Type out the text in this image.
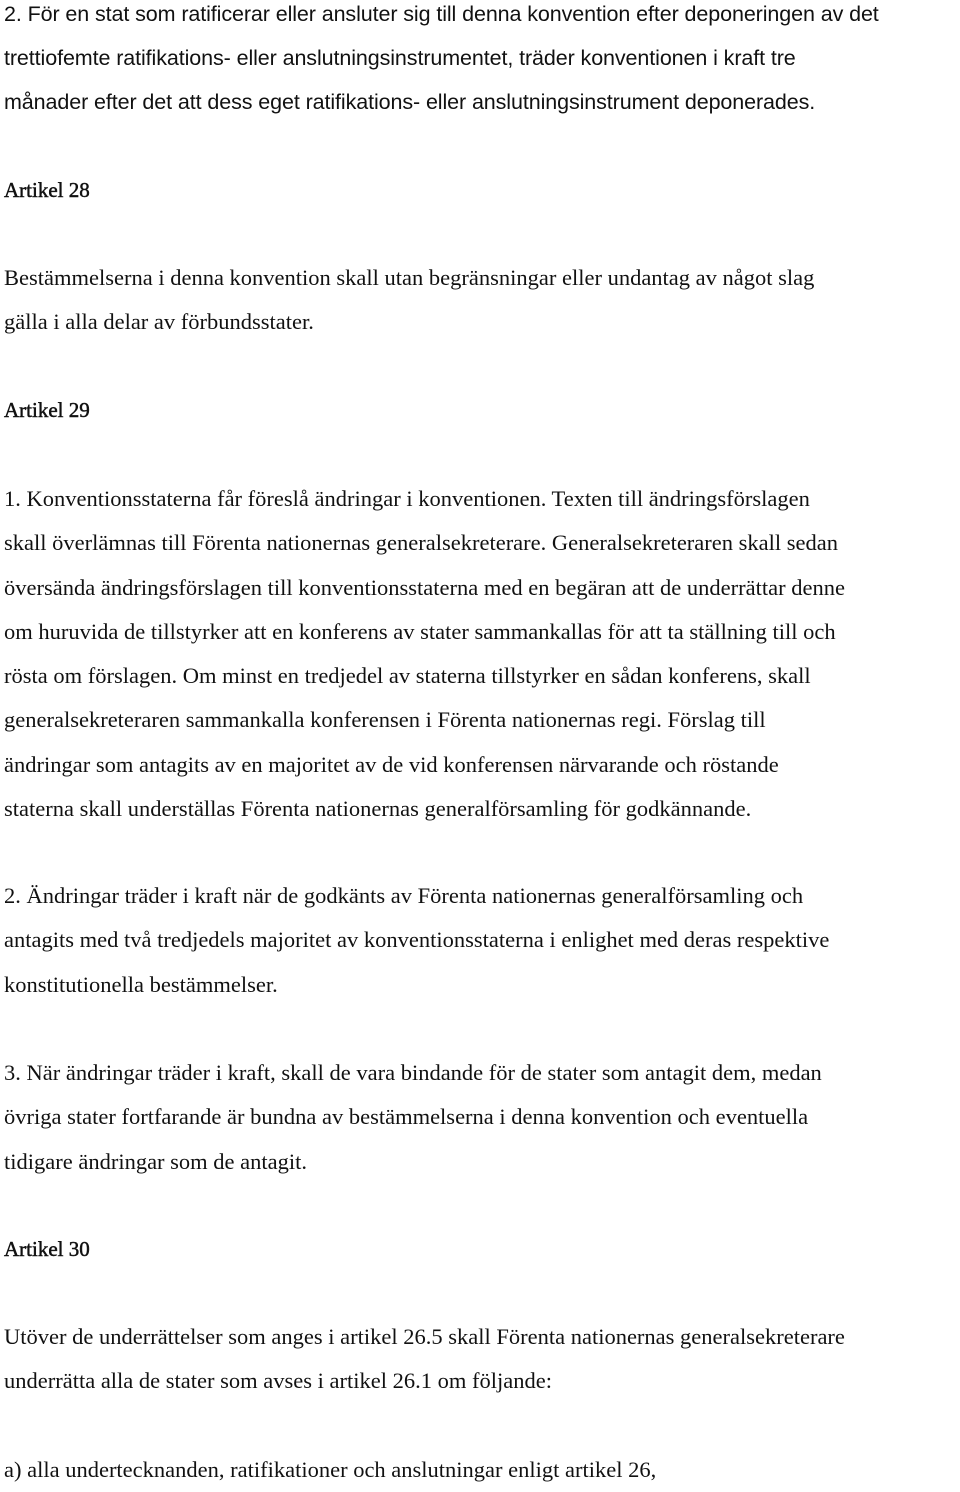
2. För en stat som ratificerar eller ansluter sig till denna konvention efter deponeringen av det
trettiofemte ratifikations- eller anslutningsinstrumentet, träder konventionen i kraft tre
månader efter det att dess eget ratifikations- eller anslutningsinstrument deponerades.

Artikel 28

Bestämmelserna i denna konvention skall utan begränsningar eller undantag av något slag
gälla i alla delar av förbundsstater.

Artikel 29

1. Konventionsstaterna får föreslå ändringar i konventionen. Texten till ändringsförslagen
skall överlämnas till Förenta nationernas generalsekreterare. Generalsekreteraren skall sedan
översända ändringsförslagen till konventionsstaterna med en begäran att de underrättar denne
om huruvida de tillstyrker att en konferens av stater sammankallas för att ta ställning till och
rösta om förslagen. Om minst en tredjedel av staterna tillstyrker en sådan konferens, skall
generalsekreteraren sammankalla konferensen i Förenta nationernas regi. Förslag till
ändringar som antagits av en majoritet av de vid konferensen närvarande och röstande
staterna skall underställas Förenta nationernas generalförsamling för godkännande.

2. Ändringar träder i kraft när de godkänts av Förenta nationernas generalförsamling och
antagits med två tredjedels majoritet av konventionsstaterna i enlighet med deras respektive
konstitutionella bestämmelser.

3. När ändringar träder i kraft, skall de vara bindande för de stater som antagit dem, medan
övriga stater fortfarande är bundna av bestämmelserna i denna konvention och eventuella
tidigare ändringar som de antagit.

Artikel 30

Utöver de underrättelser som anges i artikel 26.5 skall Förenta nationernas generalsekreterare
underrätta alla de stater som avses i artikel 26.1 om följande:

a) alla undertecknanden, ratifikationer och anslutningar enligt artikel 26,
